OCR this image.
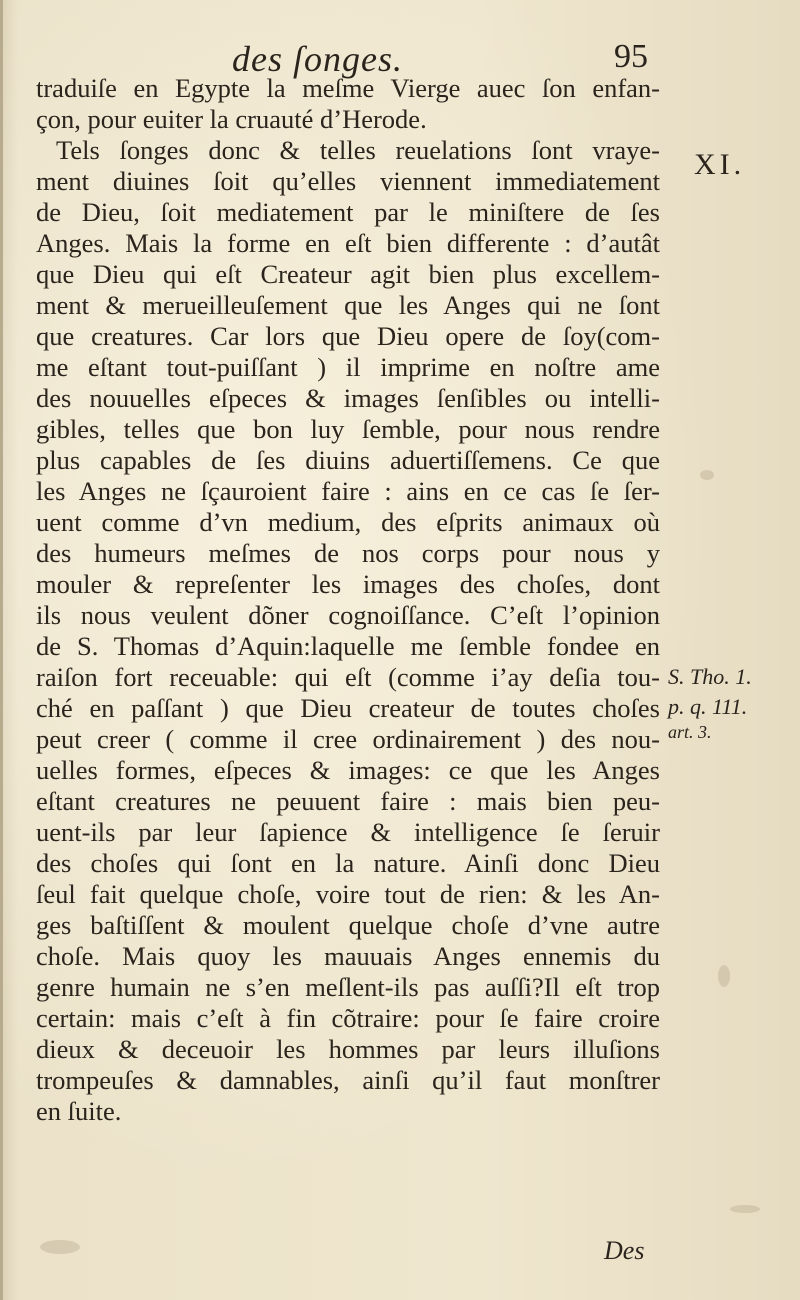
des ſonges.	95
traduiſe en Egypte la meſme Vierge auec ſon enfan-
çon, pour euiter la cruauté d’Herode.
Tels ſonges donc & telles reuelations ſont vraye-
ment diuines ſoit qu’elles viennent immediatement
de Dieu, ſoit mediatement par le miniſtere de ſes
Anges. Mais la forme en eſt bien differente : d’autât
que Dieu qui eſt Createur agit bien plus excellem-
ment & merueilleuſement que les Anges qui ne ſont
que creatures. Car lors que Dieu opere de ſoy(com-
me eſtant tout-puiſſant ) il imprime en noſtre ame
des nouuelles eſpeces & images ſenſibles ou intelli-
gibles, telles que bon luy ſemble, pour nous rendre
plus capables de ſes diuins aduertiſſemens. Ce que
les Anges ne ſçauroient faire : ains en ce cas ſe ſer-
uent comme d’vn medium, des eſprits animaux où
des humeurs meſmes de nos corps pour nous y
mouler & repreſenter les images des choſes, dont
ils nous veulent dõner cognoiſſance. C’eſt l’opinion
de S. Thomas d’Aquin:laquelle me ſemble fondee en
raiſon fort receuable: qui eſt (comme i’ay deſia tou-
ché en paſſant ) que Dieu createur de toutes choſes
peut creer ( comme il cree ordinairement ) des nou-
uelles formes, eſpeces & images: ce que les Anges
eſtant creatures ne peuuent faire : mais bien peu-
uent-ils par leur ſapience & intelligence ſe ſeruir
des choſes qui ſont en la nature. Ainſi donc Dieu
ſeul fait quelque choſe, voire tout de rien: & les An-
ges baſtiſſent & moulent quelque choſe d’vne autre
choſe. Mais quoy les mauuais Anges ennemis du
genre humain ne s’en meſlent-ils pas auſſi?Il eſt trop
certain: mais c’eſt à fin cõtraire: pour ſe faire croire
dieux & deceuoir les hommes par leurs illuſions
trompeuſes & damnables, ainſi qu’il faut monſtrer
en ſuite.
XI.
S. Tho. 1.
p. q. 111.
art. 3.
Des
